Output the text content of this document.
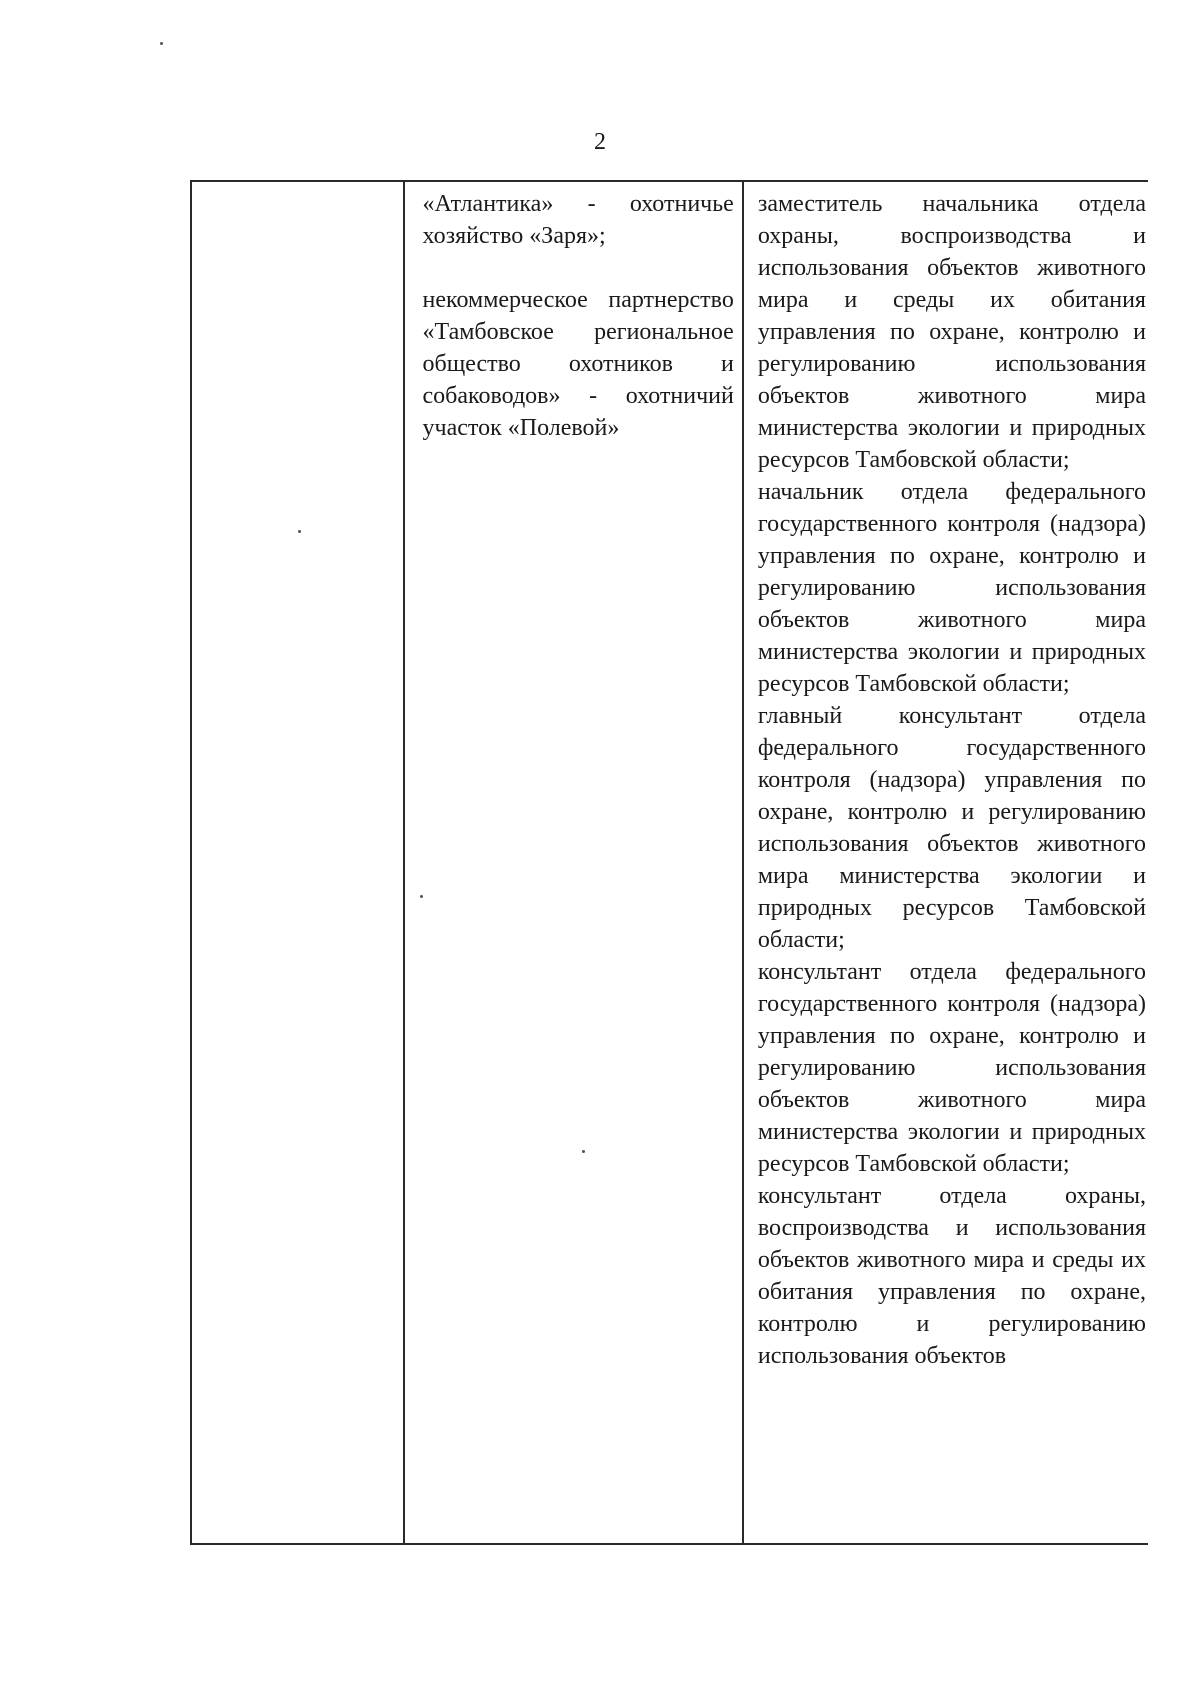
2

«Атлантика» - охотничье хозяйство «Заря»;

некоммерческое партнерство «Тамбовское региональное общество охотников и собаководов» - охотничий участок «Полевой»

заместитель начальника отдела охраны, воспроизводства и использования объектов животного мира и среды их обитания управления по охране, контролю и регулированию использования объектов животного мира министерства экологии и природных ресурсов Тамбовской области;

начальник отдела федерального государственного контроля (надзора) управления по охране, контролю и регулированию использования объектов животного мира министерства экологии и природных ресурсов Тамбовской области;

главный консультант отдела федерального государственного контроля (надзора) управления по охране, контролю и регулированию использования объектов животного мира министерства экологии и природных ресурсов Тамбовской области;

консультант отдела федерального государственного контроля (надзора) управления по охране, контролю и регулированию использования объектов животного мира министерства экологии и природных ресурсов Тамбовской области;

консультант отдела охраны, воспроизводства и использования объектов животного мира и среды их обитания управления по охране, контролю и регулированию использования объектов
